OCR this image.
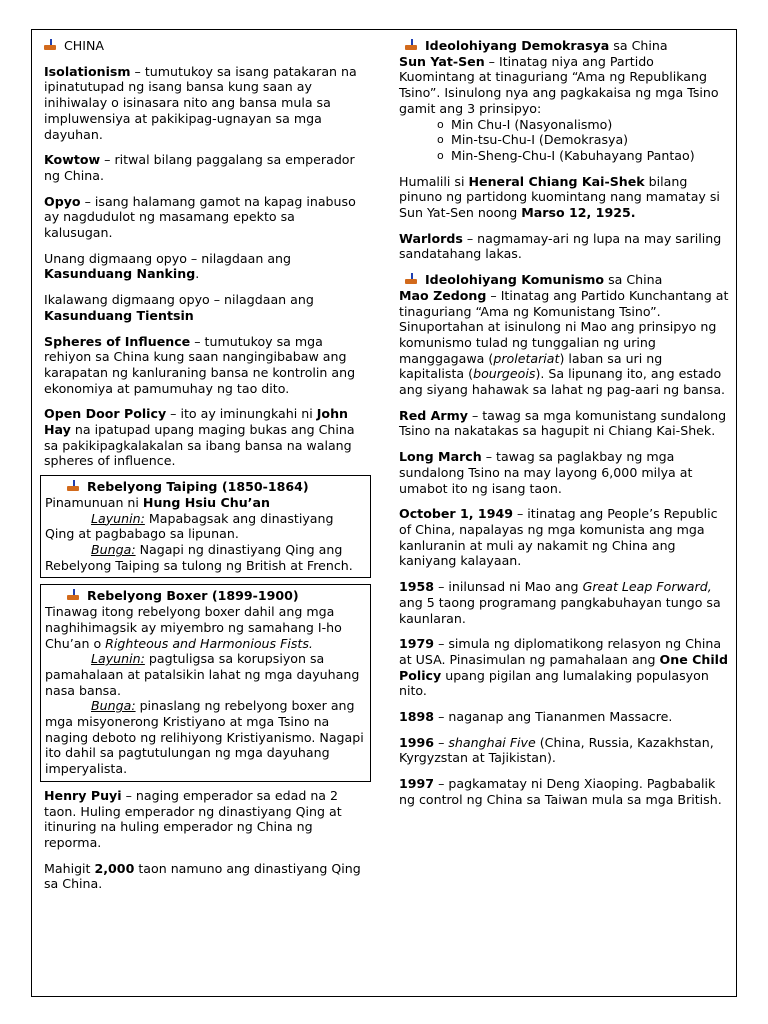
CHINA

Isolationism – tumutukoy sa isang patakaran na ipinatutupad ng isang bansa kung saan ay inihiwalay o isinasara nito ang bansa mula sa impluwensiya at pakikipag-ugnayan sa mga dayuhan.

Kowtow – ritwal bilang paggalang sa emperador ng China.

Opyo – isang halamang gamot na kapag inabuso ay nagdudulot ng masamang epekto sa kalusugan.

Unang digmaang opyo – nilagdaan ang Kasunduang Nanking.

Ikalawang digmaang opyo – nilagdaan ang Kasunduang Tientsin

Spheres of Influence – tumutukoy sa mga rehiyon sa China kung saan nangingibabaw ang karapatan ng kanluraning bansa ne kontrolin ang ekonomiya at pamumuhay ng tao dito.

Open Door Policy – ito ay iminungkahi ni John Hay na ipatupad upang maging bukas ang China sa pakikipagkalakalan sa ibang bansa na walang spheres of influence.

Rebelyong Taiping (1850-1864)
Pinamunuan ni Hung Hsiu Chu’an
Layunin: Mapabagsak ang dinastiyang Qing at pagbabago sa lipunan.
Bunga: Nagapi ng dinastiyang Qing ang Rebelyong Taiping sa tulong ng British at French.
Rebelyong Boxer (1899-1900)
Tinawag itong rebelyong boxer dahil ang mga naghihimagsik ay miyembro ng samahang I-ho Chu’an o Righteous and Harmonious Fists.
Layunin: pagtuligsa sa korupsiyon sa pamahalaan at patalsikin lahat ng mga dayuhang nasa bansa.
Bunga: pinaslang ng rebelyong boxer ang mga misyonerong Kristiyano at mga Tsino na naging deboto ng relihiyong Kristiyanismo. Nagapi ito dahil sa pagtutulungan ng mga dayuhang imperyalista.

Henry Puyi – naging emperador sa edad na 2 taon. Huling emperador ng dinastiyang Qing at itinuring na huling emperador ng China ng reporma.

Mahigit 2,000 taon namuno ang dinastiyang Qing sa China.

Ideolohiyang Demokrasya sa China
Sun Yat-Sen – Itinatag niya ang Partido Kuomintang at tinaguriang “Ama ng Republikang Tsino”. Isinulong nya ang pagkakaisa ng mga Tsino gamit ang 3 prinsipyo:
o Min Chu-I (Nasyonalismo)
o Min-tsu-Chu-I (Demokrasya)
o Min-Sheng-Chu-I (Kabuhayang Pantao)

Humalili si Heneral Chiang Kai-Shek bilang pinuno ng partidong kuomintang nang mamatay si Sun Yat-Sen noong Marso 12, 1925.

Warlords – nagmamay-ari ng lupa na may sariling sandatahang lakas.

Ideolohiyang Komunismo sa China

Mao Zedong – Itinatag ang Partido Kunchantang at tinaguriang “Ama ng Komunistang Tsino”. Sinuportahan at isinulong ni Mao ang prinsipyo ng komunismo tulad ng tunggalian ng uring manggagawa (proletariat) laban sa uri ng kapitalista (bourgeois). Sa lipunang ito, ang estado ang siyang hahawak sa lahat ng pag-aari ng bansa.

Red Army – tawag sa mga komunistang sundalong Tsino na nakatakas sa hagupit ni Chiang Kai-Shek.

Long March – tawag sa paglakbay ng mga sundalong Tsino na may layong 6,000 milya at umabot ito ng isang taon.

October 1, 1949 – itinatag ang People’s Republic of China, napalayas ng mga komunista ang mga kanluranin at muli ay nakamit ng China ang kaniyang kalayaan.

1958 – inilunsad ni Mao ang Great Leap Forward, ang 5 taong programang pangkabuhayan tungo sa kaunlaran.

1979 – simula ng diplomatikong relasyon ng China at USA. Pinasimulan ng pamahalaan ang One Child Policy upang pigilan ang lumalaking populasyon nito.

1898 – naganap ang Tiananmen Massacre.

1996 – shanghai Five (China, Russia, Kazakhstan, Kyrgyzstan at Tajikistan).

1997 – pagkamatay ni Deng Xiaoping. Pagbabalik ng control ng China sa Taiwan mula sa mga British.
